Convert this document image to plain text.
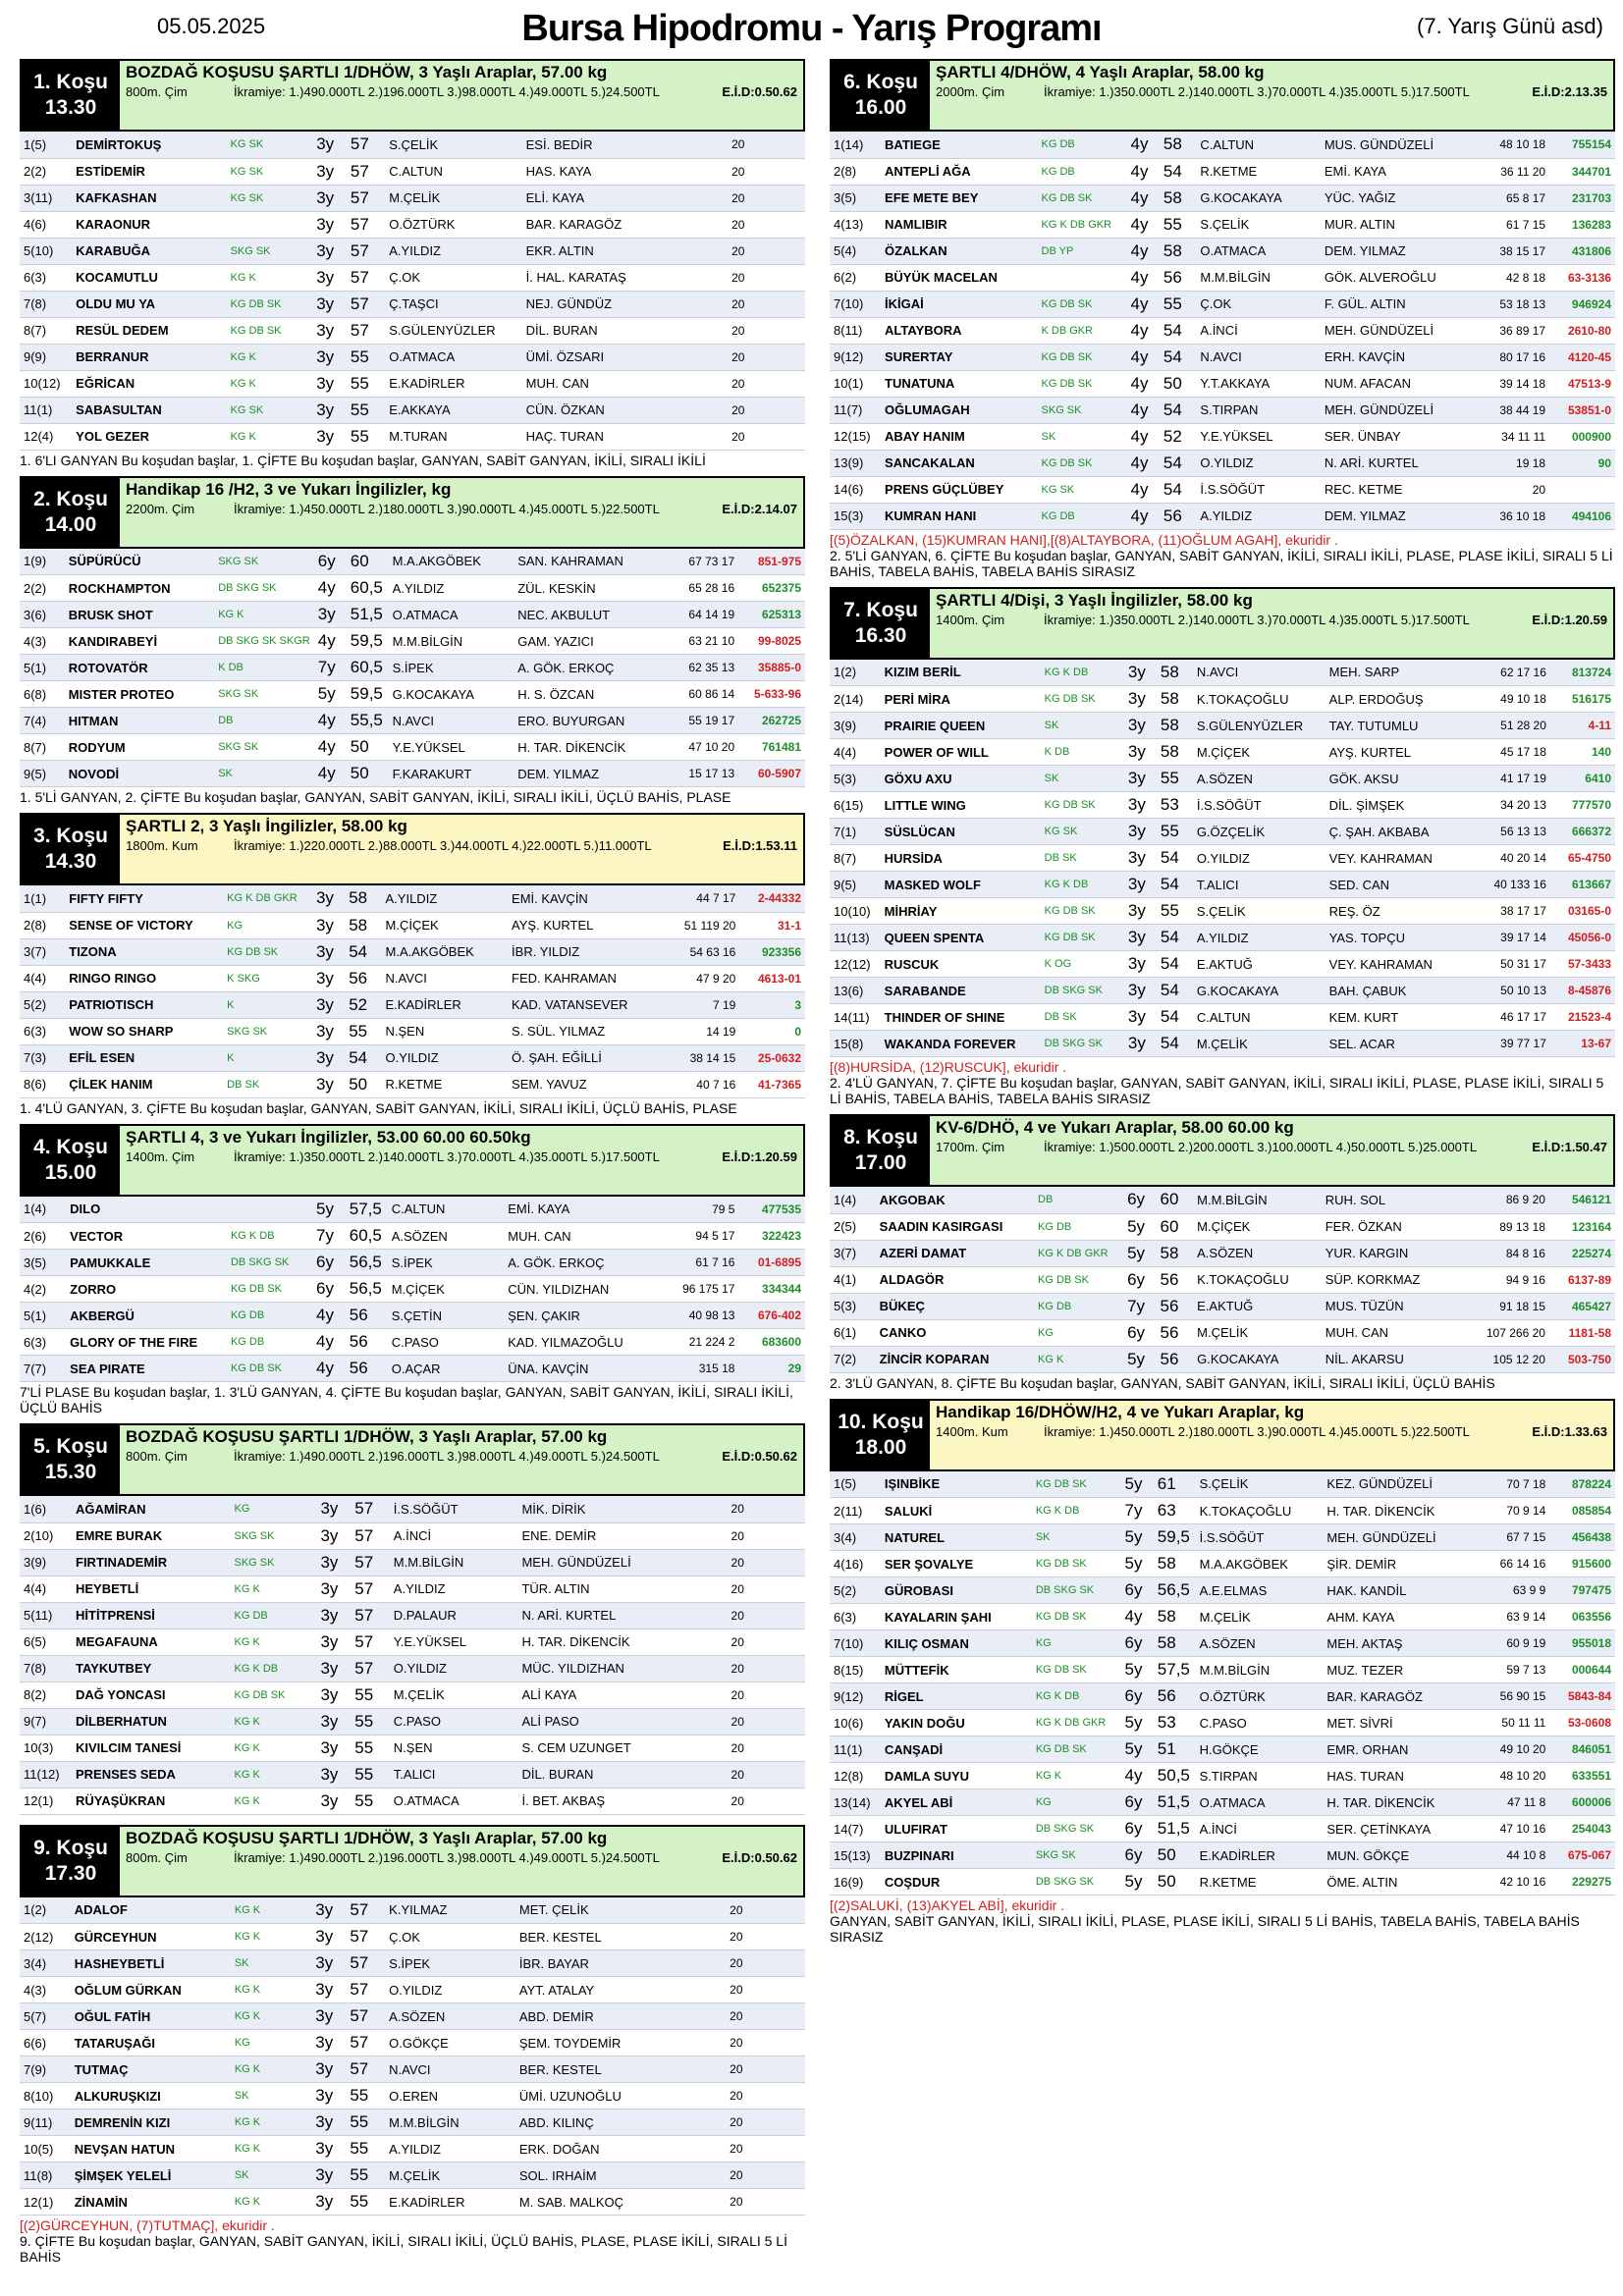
05.05.2025	Bursa Hipodromu - Yarış Programı	(7. Yarış Günü asd)
1. Koşu
13.30
BOZDAĞ KOŞUSU ŞARTLI 1/DHÖW, 3 Yaşlı Araplar, 57.00 kg
800m. Çim	İkramiye: 1.)490.000TL 2.)196.000TL 3.)98.000TL 4.)49.000TL 5.)24.500TL	E.İ.D:0.50.62
1(5)	DEMİRTOKUŞ	KG SK	3y	57	S.ÇELİK	ESİ. BEDİR	20	
2(2)	ESTİDEMİR	KG SK	3y	57	C.ALTUN	HAS. KAYA	20	
3(11)	KAFKASHAN	KG SK	3y	57	M.ÇELİK	ELİ. KAYA	20	
4(6)	KARAONUR		3y	57	O.ÖZTÜRK	BAR. KARAGÖZ	20	
5(10)	KARABUĞA	SKG SK	3y	57	A.YILDIZ	EKR. ALTIN	20	
6(3)	KOCAMUTLU	KG K	3y	57	Ç.OK	İ. HAL. KARATAŞ	20	
7(8)	OLDU MU YA	KG DB SK	3y	57	Ç.TAŞCI	NEJ. GÜNDÜZ	20	
8(7)	RESÜL DEDEM	KG DB SK	3y	57	S.GÜLENYÜZLER	DİL. BURAN	20	
9(9)	BERRANUR	KG K	3y	55	O.ATMACA	ÜMİ. ÖZSARI	20	
10(12)	EĞRİCAN	KG K	3y	55	E.KADİRLER	MUH. CAN	20	
11(1)	SABASULTAN	KG SK	3y	55	E.AKKAYA	CÜN. ÖZKAN	20	
12(4)	YOL GEZER	KG K	3y	55	M.TURAN	HAÇ. TURAN	20	
1. 6'LI GANYAN Bu koşudan başlar, 1. ÇİFTE Bu koşudan başlar, GANYAN, SABİT GANYAN, İKİLİ, SIRALI İKİLİ
2. Koşu
14.00
Handikap 16 /H2, 3 ve Yukarı İngilizler, kg
2200m. Çim	İkramiye: 1.)450.000TL 2.)180.000TL 3.)90.000TL 4.)45.000TL 5.)22.500TL	E.İ.D:2.14.07
1(9)	SÜPÜRÜCÜ	SKG SK	6y	60	M.A.AKGÖBEK	SAN. KAHRAMAN	67 73 17	851-975
2(2)	ROCKHAMPTON	DB SKG SK	4y	60,5	A.YILDIZ	ZÜL. KESKİN	65 28 16	652375
3(6)	BRUSK SHOT	KG K	3y	51,5	O.ATMACA	NEC. AKBULUT	64 14 19	625313
4(3)	KANDIRABEYİ	DB SKG SK SKGR	4y	59,5	M.M.BİLGİN	GAM. YAZICI	63 21 10	99-8025
5(1)	ROTOVATÖR	K DB	7y	60,5	S.İPEK	A. GÖK. ERKOÇ	62 35 13	35885-0
6(8)	MISTER PROTEO	SKG SK	5y	59,5	G.KOCAKAYA	H. S. ÖZCAN	60 86 14	5-633-96
7(4)	HITMAN	DB	4y	55,5	N.AVCI	ERO. BUYURGAN	55 19 17	262725
8(7)	RODYUM	SKG SK	4y	50	Y.E.YÜKSEL	H. TAR. DİKENCİK	47 10 20	761481
9(5)	NOVODİ	SK	4y	50	F.KARAKURT	DEM. YILMAZ	15 17 13	60-5907
1. 5'Lİ GANYAN, 2. ÇİFTE Bu koşudan başlar, GANYAN, SABİT GANYAN, İKİLİ, SIRALI İKİLİ, ÜÇLÜ BAHİS, PLASE
3. Koşu
14.30
ŞARTLI 2, 3 Yaşlı İngilizler, 58.00 kg
1800m. Kum	İkramiye: 1.)220.000TL 2.)88.000TL 3.)44.000TL 4.)22.000TL 5.)11.000TL	E.İ.D:1.53.11
1(1)	FIFTY FIFTY	KG K DB GKR	3y	58	A.YILDIZ	EMİ. KAVÇİN	44 7 17	2-44332
2(8)	SENSE OF VICTORY	KG	3y	58	M.ÇİÇEK	AYŞ. KURTEL	51 119 20	31-1
3(7)	TIZONA	KG DB SK	3y	54	M.A.AKGÖBEK	İBR. YILDIZ	54 63 16	923356
4(4)	RINGO RINGO	K SKG	3y	56	N.AVCI	FED. KAHRAMAN	47 9 20	4613-01
5(2)	PATRIOTISCH	K	3y	52	E.KADİRLER	KAD. VATANSEVER	7 19	3
6(3)	WOW SO SHARP	SKG SK	3y	55	N.ŞEN	S. SÜL. YILMAZ	14 19	0
7(3)	EFİL ESEN	K	3y	54	O.YILDIZ	Ö. ŞAH. EĞİLLİ	38 14 15	25-0632
8(6)	ÇİLEK HANIM	DB SK	3y	50	R.KETME	SEM. YAVUZ	40 7 16	41-7365
1. 4'LÜ GANYAN, 3. ÇİFTE Bu koşudan başlar, GANYAN, SABİT GANYAN, İKİLİ, SIRALI İKİLİ, ÜÇLÜ BAHİS, PLASE
4. Koşu
15.00
ŞARTLI 4, 3 ve Yukarı İngilizler, 53.00 60.00 60.50kg
1400m. Çim	İkramiye: 1.)350.000TL 2.)140.000TL 3.)70.000TL 4.)35.000TL 5.)17.500TL	E.İ.D:1.20.59
1(4)	DILO		5y	57,5	C.ALTUN	EMİ. KAYA	79 5	477535
2(6)	VECTOR	KG K DB	7y	60,5	A.SÖZEN	MUH. CAN	94 5 17	322423
3(5)	PAMUKKALE	DB SKG SK	6y	56,5	S.İPEK	A. GÖK. ERKOÇ	61 7 16	01-6895
4(2)	ZORRO	KG DB SK	6y	56,5	M.ÇİÇEK	CÜN. YILDIZHAN	96 175 17	334344
5(1)	AKBERGÜ	KG DB	4y	56	S.ÇETİN	ŞEN. ÇAKIR	40 98 13	676-402
6(3)	GLORY OF THE FIRE	KG DB	4y	56	C.PASO	KAD. YILMAZOĞLU	21 224 2	683600
7(7)	SEA PIRATE	KG DB SK	4y	56	O.AÇAR	ÜNA. KAVÇİN	315 18	29
7'Lİ PLASE Bu koşudan başlar, 1. 3'LÜ GANYAN, 4. ÇİFTE Bu koşudan başlar, GANYAN, SABİT GANYAN, İKİLİ, SIRALI İKİLİ, ÜÇLÜ BAHİS
5. Koşu
15.30
BOZDAĞ KOŞUSU ŞARTLI 1/DHÖW, 3 Yaşlı Araplar, 57.00 kg
800m. Çim	İkramiye: 1.)490.000TL 2.)196.000TL 3.)98.000TL 4.)49.000TL 5.)24.500TL	E.İ.D:0.50.62
1(6)	AĞAMİRAN	KG	3y	57	İ.S.SÖĞÜT	MİK. DİRİK	20	
2(10)	EMRE BURAK	SKG SK	3y	57	A.İNCİ	ENE. DEMİR	20	
3(9)	FIRTINADEMİR	SKG SK	3y	57	M.M.BİLGİN	MEH. GÜNDÜZELİ	20	
4(4)	HEYBETLİ	KG K	3y	57	A.YILDIZ	TÜR. ALTIN	20	
5(11)	HİTİTPRENSİ	KG DB	3y	57	D.PALAUR	N. ARİ. KURTEL	20	
6(5)	MEGAFAUNA	KG K	3y	57	Y.E.YÜKSEL	H. TAR. DİKENCİK	20	
7(8)	TAYKUTBEY	KG K DB	3y	57	O.YILDIZ	MÜC. YILDIZHAN	20	
8(2)	DAĞ YONCASI	KG DB SK	3y	55	M.ÇELİK	ALİ KAYA	20	
9(7)	DİLBERHATUN	KG K	3y	55	C.PASO	ALİ PASO	20	
10(3)	KIVILCIM TANESİ	KG K	3y	55	N.ŞEN	S. CEM UZUNGET	20	
11(12)	PRENSES SEDA	KG K	3y	55	T.ALICI	DİL. BURAN	20	
12(1)	RÜYAŞÜKRAN	KG K	3y	55	O.ATMACA	İ. BET. AKBAŞ	20	
9. Koşu
17.30
BOZDAĞ KOŞUSU ŞARTLI 1/DHÖW, 3 Yaşlı Araplar, 57.00 kg
800m. Çim	İkramiye: 1.)490.000TL 2.)196.000TL 3.)98.000TL 4.)49.000TL 5.)24.500TL	E.İ.D:0.50.62
1(2)	ADALOF	KG K	3y	57	K.YILMAZ	MET. ÇELİK	20	
2(12)	GÜRCEYHUN	KG K	3y	57	Ç.OK	BER. KESTEL	20	
3(4)	HASHEYBETLİ	SK	3y	57	S.İPEK	İBR. BAYAR	20	
4(3)	OĞLUM GÜRKAN	KG K	3y	57	O.YILDIZ	AYT. ATALAY	20	
5(7)	OĞUL FATİH	KG K	3y	57	A.SÖZEN	ABD. DEMİR	20	
6(6)	TATARUŞAĞI	KG	3y	57	O.GÖKÇE	ŞEM. TOYDEMİR	20	
7(9)	TUTMAÇ	KG K	3y	57	N.AVCI	BER. KESTEL	20	
8(10)	ALKURUŞKIZI	SK	3y	55	O.EREN	ÜMİ. UZUNOĞLU	20	
9(11)	DEMRENİN KIZI	KG K	3y	55	M.M.BİLGİN	ABD. KILINÇ	20	
10(5)	NEVŞAN HATUN	KG K	3y	55	A.YILDIZ	ERK. DOĞAN	20	
11(8)	ŞİMŞEK YELELİ	SK	3y	55	M.ÇELİK	SOL. IRHAİM	20	
12(1)	ZİNAMİN	KG K	3y	55	E.KADİRLER	M. SAB. MALKOÇ	20	
[(2)GÜRCEYHUN, (7)TUTMAÇ], ekuridir .
9. ÇİFTE Bu koşudan başlar, GANYAN, SABİT GANYAN, İKİLİ, SIRALI İKİLİ, ÜÇLÜ BAHİS, PLASE, PLASE İKİLİ, SIRALI 5 Lİ BAHİS
6. Koşu
16.00
ŞARTLI 4/DHÖW, 4 Yaşlı Araplar, 58.00 kg
2000m. Çim	İkramiye: 1.)350.000TL 2.)140.000TL 3.)70.000TL 4.)35.000TL 5.)17.500TL	E.İ.D:2.13.35
1(14)	BATIEGE	KG DB	4y	58	C.ALTUN	MUS. GÜNDÜZELİ	48 10 18	755154
2(8)	ANTEPLİ AĞA	KG DB	4y	54	R.KETME	EMİ. KAYA	36 11 20	344701
3(5)	EFE METE BEY	KG DB SK	4y	58	G.KOCAKAYA	YÜC. YAĞIZ	65 8 17	231703
4(13)	NAMLIBIR	KG K DB GKR	4y	55	S.ÇELİK	MUR. ALTIN	61 7 15	136283
5(4)	ÖZALKAN	DB YP	4y	58	O.ATMACA	DEM. YILMAZ	38 15 17	431806
6(2)	BÜYÜK MACELAN		4y	56	M.M.BİLGİN	GÖK. ALVEROĞLU	42 8 18	63-3136
7(10)	İKİGAİ	KG DB SK	4y	55	Ç.OK	F. GÜL. ALTIN	53 18 13	946924
8(11)	ALTAYBORA	K DB GKR	4y	54	A.İNCİ	MEH. GÜNDÜZELİ	36 89 17	2610-80
9(12)	SURERTAY	KG DB SK	4y	54	N.AVCI	ERH. KAVÇİN	80 17 16	4120-45
10(1)	TUNATUNA	KG DB SK	4y	50	Y.T.AKKAYA	NUM. AFACAN	39 14 18	47513-9
11(7)	OĞLUMAGAH	SKG SK	4y	54	S.TIRPAN	MEH. GÜNDÜZELİ	38 44 19	53851-0
12(15)	ABAY HANIM	SK	4y	52	Y.E.YÜKSEL	SER. ÜNBAY	34 11 11	000900
13(9)	SANCAKALAN	KG DB SK	4y	54	O.YILDIZ	N. ARİ. KURTEL	19 18	90
14(6)	PRENS GÜÇLÜBEY	KG SK	4y	54	İ.S.SÖĞÜT	REC. KETME	20	
15(3)	KUMRAN HANI	KG DB	4y	56	A.YILDIZ	DEM. YILMAZ	36 10 18	494106
[(5)ÖZALKAN, (15)KUMRAN HANI],[(8)ALTAYBORA, (11)OĞLUM AGAH], ekuridir .
2. 5'Lİ GANYAN, 6. ÇİFTE Bu koşudan başlar, GANYAN, SABİT GANYAN, İKİLİ, SIRALI İKİLİ, PLASE, PLASE İKİLİ, SIRALI 5 Lİ BAHİS, TABELA BAHİS, TABELA BAHİS SIRASIZ
7. Koşu
16.30
ŞARTLI 4/Dişi, 3 Yaşlı İngilizler, 58.00 kg
1400m. Çim	İkramiye: 1.)350.000TL 2.)140.000TL 3.)70.000TL 4.)35.000TL 5.)17.500TL	E.İ.D:1.20.59
1(2)	KIZIM BERİL	KG K DB	3y	58	N.AVCI	MEH. SARP	62 17 16	813724
2(14)	PERİ MİRA	KG DB SK	3y	58	K.TOKAÇOĞLU	ALP. ERDOĞUŞ	49 10 18	516175
3(9)	PRAIRIE QUEEN	SK	3y	58	S.GÜLENYÜZLER	TAY. TUTUMLU	51 28 20	4-11
4(4)	POWER OF WILL	K DB	3y	58	M.ÇİÇEK	AYŞ. KURTEL	45 17 18	140
5(3)	GÖXU AXU	SK	3y	55	A.SÖZEN	GÖK. AKSU	41 17 19	6410
6(15)	LITTLE WING	KG DB SK	3y	53	İ.S.SÖĞÜT	DİL. ŞİMŞEK	34 20 13	777570
7(1)	SÜSLÜCAN	KG SK	3y	55	G.ÖZÇELİK	Ç. ŞAH. AKBABA	56 13 13	666372
8(7)	HURSİDA	DB SK	3y	54	O.YILDIZ	VEY. KAHRAMAN	40 20 14	65-4750
9(5)	MASKED WOLF	KG K DB	3y	54	T.ALICI	SED. CAN	40 133 16	613667
10(10)	MİHRİAY	KG DB SK	3y	55	S.ÇELİK	REŞ. ÖZ	38 17 17	03165-0
11(13)	QUEEN SPENTA	KG DB SK	3y	54	A.YILDIZ	YAS. TOPÇU	39 17 14	45056-0
12(12)	RUSCUK	K OG	3y	54	E.AKTUĞ	VEY. KAHRAMAN	50 31 17	57-3433
13(6)	SARABANDE	DB SKG SK	3y	54	G.KOCAKAYA	BAH. ÇABUK	50 10 13	8-45876
14(11)	THINDER OF SHINE	DB SK	3y	54	C.ALTUN	KEM. KURT	46 17 17	21523-4
15(8)	WAKANDA FOREVER	DB SKG SK	3y	54	M.ÇELİK	SEL. ACAR	39 77 17	13-67
[(8)HURSİDA, (12)RUSCUK], ekuridir .
2. 4'LÜ GANYAN, 7. ÇİFTE Bu koşudan başlar, GANYAN, SABİT GANYAN, İKİLİ, SIRALI İKİLİ, PLASE, PLASE İKİLİ, SIRALI 5 Lİ BAHİS, TABELA BAHİS, TABELA BAHİS SIRASIZ
8. Koşu
17.00
KV-6/DHÖ, 4 ve Yukarı Araplar, 58.00 60.00 kg
1700m. Çim	İkramiye: 1.)500.000TL 2.)200.000TL 3.)100.000TL 4.)50.000TL 5.)25.000TL	E.İ.D:1.50.47
1(4)	AKGOBAK	DB	6y	60	M.M.BİLGİN	RUH. SOL	86 9 20	546121
2(5)	SAADIN KASIRGASI	KG DB	5y	60	M.ÇİÇEK	FER. ÖZKAN	89 13 18	123164
3(7)	AZERİ DAMAT	KG K DB GKR	5y	58	A.SÖZEN	YUR. KARGIN	84 8 16	225274
4(1)	ALDAGÖR	KG DB SK	6y	56	K.TOKAÇOĞLU	SÜP. KORKMAZ	94 9 16	6137-89
5(3)	BÜKEÇ	KG DB	7y	56	E.AKTUĞ	MUS. TÜZÜN	91 18 15	465427
6(1)	CANKO	KG	6y	56	M.ÇELİK	MUH. CAN	107 266 20	1181-58
7(2)	ZİNCİR KOPARAN	KG K	5y	56	G.KOCAKAYA	NİL. AKARSU	105 12 20	503-750
2. 3'LÜ GANYAN, 8. ÇİFTE Bu koşudan başlar, GANYAN, SABİT GANYAN, İKİLİ, SIRALI İKİLİ, ÜÇLÜ BAHİS
10. Koşu
18.00
Handikap 16/DHÖW/H2, 4 ve Yukarı Araplar, kg
1400m. Kum	İkramiye: 1.)450.000TL 2.)180.000TL 3.)90.000TL 4.)45.000TL 5.)22.500TL	E.İ.D:1.33.63
1(5)	IŞINBİKE	KG DB SK	5y	61	S.ÇELİK	KEZ. GÜNDÜZELİ	70 7 18	878224
2(11)	SALUKİ	KG K DB	7y	63	K.TOKAÇOĞLU	H. TAR. DİKENCİK	70 9 14	085854
3(4)	NATUREL	SK	5y	59,5	İ.S.SÖĞÜT	MEH. GÜNDÜZELİ	67 7 15	456438
4(16)	SER ŞOVALYE	KG DB SK	5y	58	M.A.AKGÖBEK	ŞİR. DEMİR	66 14 16	915600
5(2)	GÜROBASI	DB SKG SK	6y	56,5	A.E.ELMAS	HAK. KANDİL	63 9 9	797475
6(3)	KAYALARIN ŞAHI	KG DB SK	4y	58	M.ÇELİK	AHM. KAYA	63 9 14	063556
7(10)	KILIÇ OSMAN	KG	6y	58	A.SÖZEN	MEH. AKTAŞ	60 9 19	955018
8(15)	MÜTTEFİK	KG DB SK	5y	57,5	M.M.BİLGİN	MUZ. TEZER	59 7 13	000644
9(12)	RİGEL	KG K DB	6y	56	O.ÖZTÜRK	BAR. KARAGÖZ	56 90 15	5843-84
10(6)	YAKIN DOĞU	KG K DB GKR	5y	53	C.PASO	MET. SİVRİ	50 11 11	53-0608
11(1)	CANŞADİ	KG DB SK	5y	51	H.GÖKÇE	EMR. ORHAN	49 10 20	846051
12(8)	DAMLA SUYU	KG K	4y	50,5	S.TIRPAN	HAS. TURAN	48 10 20	633551
13(14)	AKYEL ABİ	KG	6y	51,5	O.ATMACA	H. TAR. DİKENCİK	47 11 8	600006
14(7)	ULUFIRAT	DB SKG SK	6y	51,5	A.İNCİ	SER. ÇETİNKAYA	47 10 16	254043
15(13)	BUZPINARI	SKG SK	6y	50	E.KADİRLER	MUN. GÖKÇE	44 10 8	675-067
16(9)	COŞDUR	DB SKG SK	5y	50	R.KETME	ÖME. ALTIN	42 10 16	229275
[(2)SALUKİ, (13)AKYEL ABİ], ekuridir .
GANYAN, SABİT GANYAN, İKİLİ, SIRALI İKİLİ, PLASE, PLASE İKİLİ, SIRALI 5 Lİ BAHİS, TABELA BAHİS, TABELA BAHİS SIRASIZ
